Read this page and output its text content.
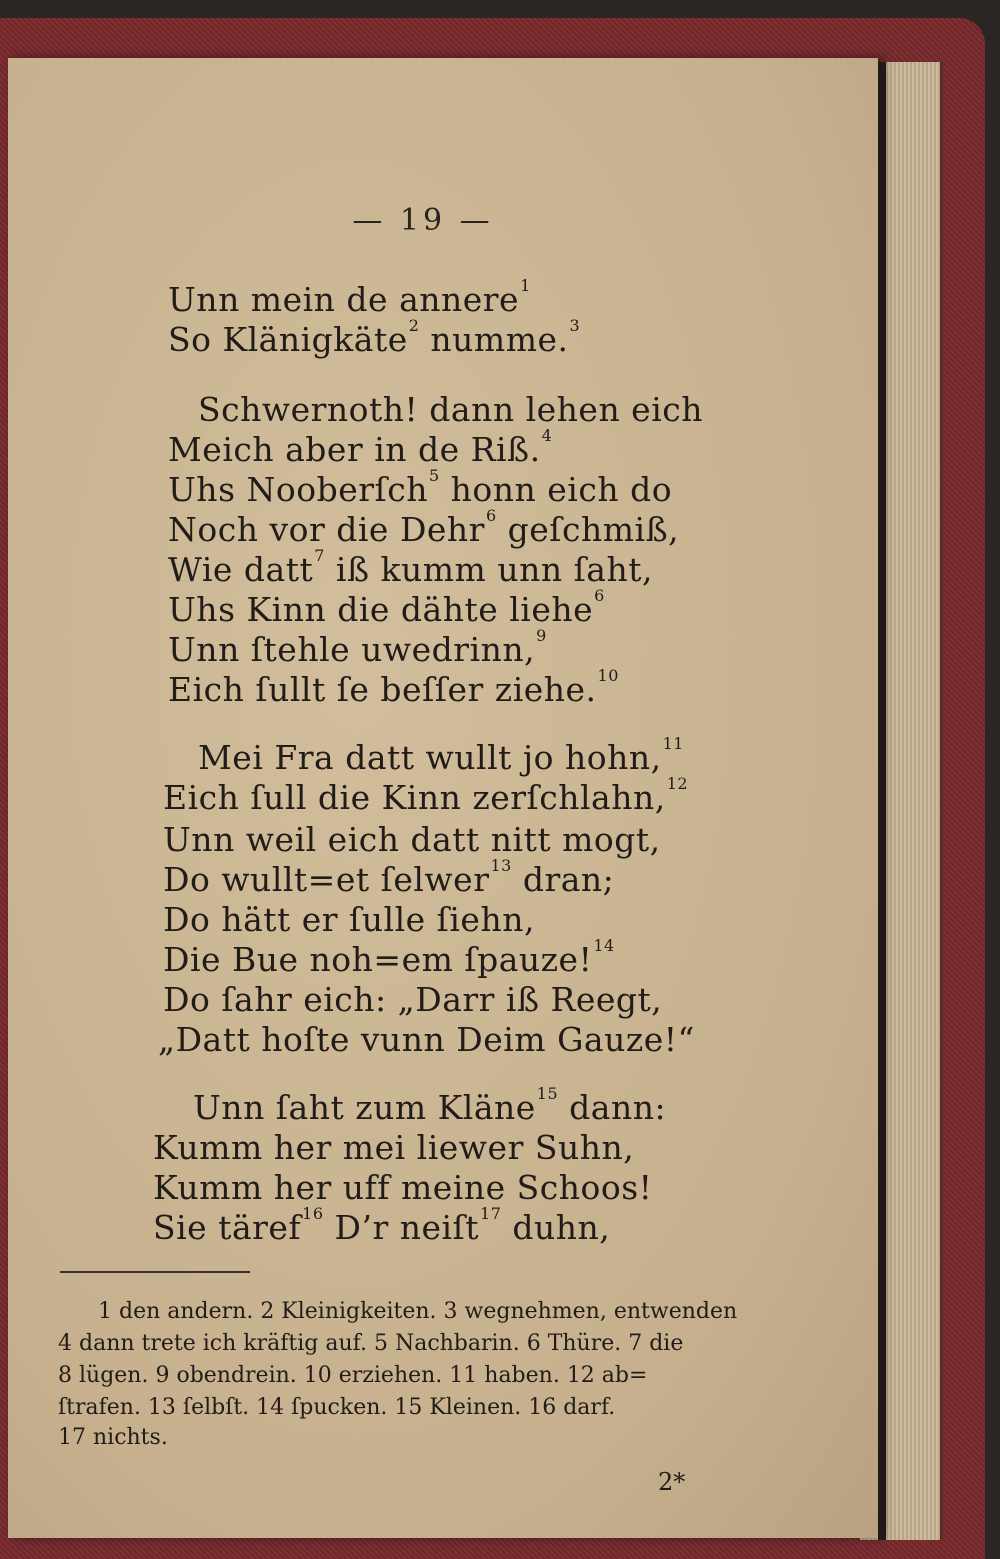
— 19 —
Unn mein de annere$^1$
So Klänigkäte$^2$ numme.$^3$
Schwernoth! dann lehen eich
Meich aber in de Riß.$^4$
Uhs Nooberſch$^5$ honn eich do
Noch vor die Dehr$^6$ geſchmiß,
Wie datt$^7$ iß kumm unn ſaht,
Uhs Kinn die dähte liehe$^6$
Unn ſtehle uwedrinn,$^9$
Eich ſullt ſe beſſer ziehe.$^{10}$
Mei Fra datt wullt jo hohn,$^{11}$
Eich ſull die Kinn zerſchlahn,$^{12}$
Unn weil eich datt nitt mogt,
Do wullt=et ſelwer$^{13}$ dran;
Do hätt er ſulle ſiehn,
Die Bue noh=em ſpauze!$^{14}$
Do ſahr eich: „Darr iß Reegt,
„Datt hoſte vunn Deim Gauze!“
Unn ſaht zum Kläne$^{15}$ dann:
Kumm her mei liewer Suhn,
Kumm her uff meine Schoos!
Sie täref$^{16}$ D’r neiſt$^{17}$ duhn,
1 den andern. 2 Kleinigkeiten. 3 wegnehmen, entwenden
4 dann trete ich kräftig auf. 5 Nachbarin. 6 Thüre. 7 die
8 lügen. 9 obendrein. 10 erziehen. 11 haben. 12 ab=
ſtrafen. 13 ſelbſt. 14 ſpucken. 15 Kleinen. 16 darf.
17 nichts.
2*
